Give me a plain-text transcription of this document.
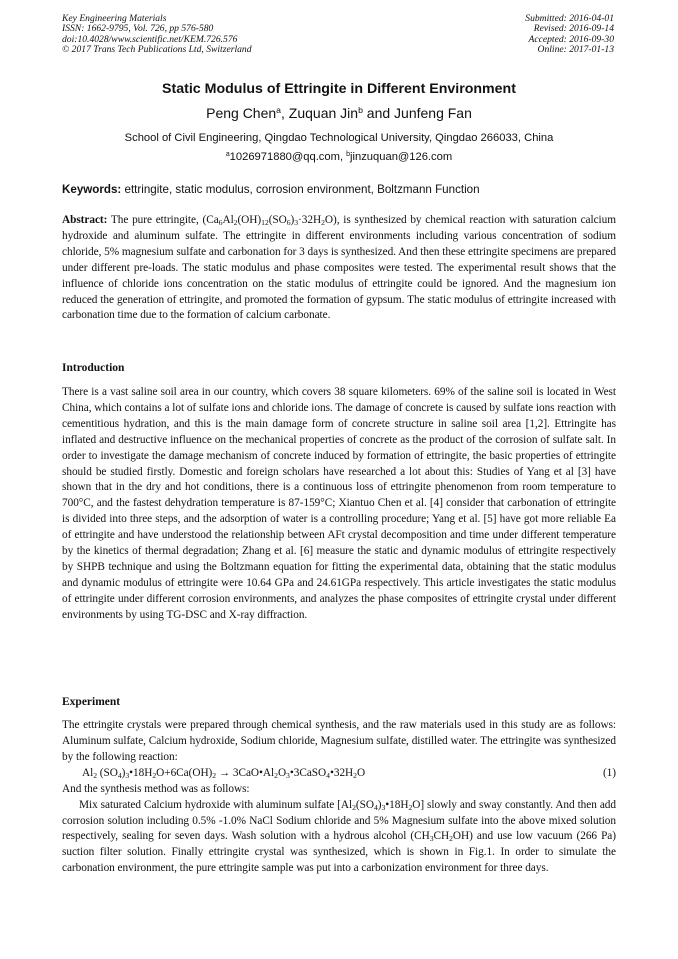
Key Engineering Materials
ISSN: 1662-9795, Vol. 726, pp 576-580
doi:10.4028/www.scientific.net/KEM.726.576
© 2017 Trans Tech Publications Ltd, Switzerland
Submitted: 2016-04-01
Revised: 2016-09-14
Accepted: 2016-09-30
Online: 2017-01-13
Static Modulus of Ettringite in Different Environment
Peng Chen$^a$, Zuquan Jin$^b$ and Junfeng Fan
School of Civil Engineering, Qingdao Technological University, Qingdao 266033, China
$^a$1026971880@qq.com, $^b$jinzuquan@126.com
Keywords: ettringite, static modulus, corrosion environment, Boltzmann Function
Abstract: The pure ettringite, $(Ca_6Al_2(OH)_{12}(SO_6)_3\cdot 32H_2O)$, is synthesized by chemical reaction with saturation calcium hydroxide and aluminum sulfate. The ettringite in different environments including various concentration of sodium chloride, 5% magnesium sulfate and carbonation for 3 days is synthesized. And then these ettringite specimens are prepared under different pre-loads. The static modulus and phase composites were tested. The experimental result shows that the influence of chloride ions concentration on the static modulus of ettringite could be ignored. And the magnesium ion reduced the generation of ettringite, and promoted the formation of gypsum. The static modulus of ettringite increased with carbonation time due to the formation of calcium carbonate.
Introduction
There is a vast saline soil area in our country, which covers 38 square kilometers. 69% of the saline soil is located in West China, which contains a lot of sulfate ions and chloride ions. The damage of concrete is caused by sulfate ions reaction with cementitious hydration, and this is the main damage form of concrete structure in saline soil area [1,2]. Ettringite has inflated and destructive influence on the mechanical properties of concrete as the product of the corrosion of sulfate salt. In order to investigate the damage mechanism of concrete induced by formation of ettringite, the basic properties of ettringite should be studied firstly. Domestic and foreign scholars have researched a lot about this: Studies of Yang et al [3] have shown that in the dry and hot conditions, there is a continuous loss of ettringite phenomenon from room temperature to 700°C, and the fastest dehydration temperature is 87-159°C; Xiantuo Chen et al. [4] consider that carbonation of ettringite is divided into three steps, and the adsorption of water is a controlling procedure; Yang et al. [5] have got more reliable Ea of ettringite and have understood the relationship between AFt crystal decomposition and time under different temperature by the kinetics of thermal degradation; Zhang et al. [6] measure the static and dynamic modulus of ettringite respectively by SHPB technique and using the Boltzmann equation for fitting the experimental data, obtaining that the static modulus and dynamic modulus of ettringite were 10.64 GPa and 24.61GPa respectively. This article investigates the static modulus of ettringite under different corrosion environments, and analyzes the phase composites of ettringite crystal under different environments by using TG-DSC and X-ray diffraction.
Experiment
The ettringite crystals were prepared through chemical synthesis, and the raw materials used in this study are as follows: Aluminum sulfate, Calcium hydroxide, Sodium chloride, Magnesium sulfate, distilled water. The ettringite was synthesized by the following reaction:
$Al_2$ $(SO_4)_3•18H_2O+6Ca(OH)_2$ → $3CaO•Al_2O_3•3CaSO_4•32H_2O$	(1)
And the synthesis method was as follows:
Mix saturated Calcium hydroxide with aluminum sulfate $[Al_2(SO_4)_3•18H_2O]$ slowly and sway constantly. And then add corrosion solution including 0.5% -1.0% NaCl Sodium chloride and 5% Magnesium sulfate into the above mixed solution respectively, sealing for seven days. Wash solution with a hydrous alcohol $(CH_3CH_2OH)$ and use low vacuum (266 Pa) suction filter solution. Finally ettringite crystal was synthesized, which is shown in Fig.1. In order to simulate the carbonation environment, the pure ettringite sample was put into a carbonization environment for three days.
